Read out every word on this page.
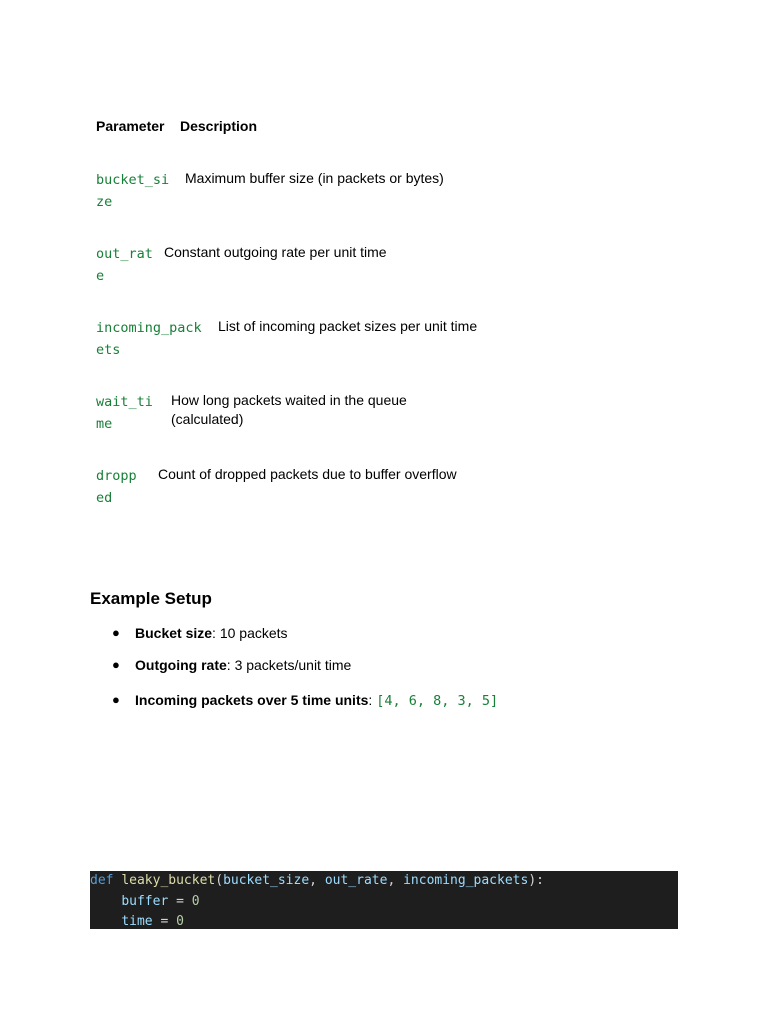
Parameter Description
bucket_size
Maximum buffer size (in packets or bytes)
out_rate
Constant outgoing rate per unit time
incoming_packets
List of incoming packet sizes per unit time
wait_time
How long packets waited in the queue (calculated)
dropped
Count of dropped packets due to buffer overflow
Example Setup
● Bucket size: 10 packets
● Outgoing rate: 3 packets/unit time
● Incoming packets over 5 time units: [4, 6, 8, 3, 5]
def leaky_bucket(bucket_size, out_rate, incoming_packets):
buffer = 0
time = 0
